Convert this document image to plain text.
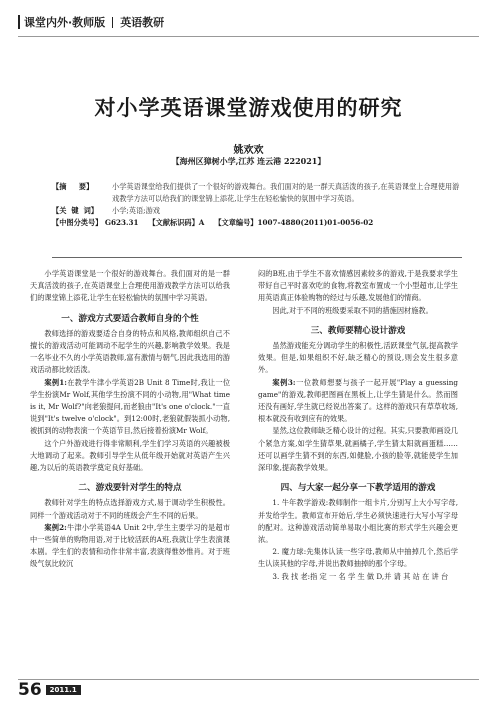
课堂内外·教师版 英语教研
对小学英语课堂游戏使用的研究
姚欢欢
【海州区獐树小学,江苏 连云港 222021】
【摘     要】	小学英语课堂给我们提供了一个很好的游戏舞台。我们面对的是一群天真活泼的孩子,在英语课堂上合理使用游戏教学方法可以给我们的课堂锦上添花,让学生在轻松愉快的氛围中学习英语。
【关  键  词】	小学;英语;游戏
【中图分类号】 G623.31 【文献标识码】A 【文章编号】1007-4880(2011)01-0056-02

小学英语课堂是一个很好的游戏舞台。我们面对的是一群天真活泼的孩子,在英语课堂上合理使用游戏教学方法可以给我们的课堂锦上添花,让学生在轻松愉快的氛围中学习英语。

一、游戏方式要适合教师自身的个性

教师选择的游戏要适合自身的特点和风格,教师组织自己不擅长的游戏活动可能调动不起学生的兴趣,影响教学效果。我是一名毕业不久的小学英语教师,富有激情与朝气,因此我选用的游戏活动都比较活泼。

案例1:在教学牛津小学英语2B Unit 8 Time时,我让一位学生扮演Mr Wolf,其他学生扮演不同的小动物,用"What time is it, Mr Wolf?"向老狼提问,而老狼由"It's one o'clock."一直说到"It's twelve o'clock"。到12:00时,老狼就假装抓小动物,被抓到的动物表演一个英语节目,然后接着扮演Mr Wolf。

这个户外游戏进行得非常顺利,学生们学习英语的兴趣被极大地调动了起来。教师引导学生从低年级开始就对英语产生兴趣,为以后的英语教学奠定良好基础。

二、游戏要针对学生的特点

教师针对学生的特点选择游戏方式,易于调动学生积极性。同样一个游戏活动对于不同的班级会产生不同的后果。

案例2:牛津小学英语4A Unit 2中,学生主要学习的是超市中一些简单的购物用语,对于比较活跃的A班,我就让学生表演课本剧。学生们的表情和动作非常丰富,表演得惟妙惟肖。对于班级气氛比较沉

闷的B班,由于学生不喜欢情感因素较多的游戏,于是我要求学生带好自己平时喜欢吃的食物,将教室布置成一个小型超市,让学生用英语真正体验购物的经过与乐趣,发展他们的情商。

因此,对于不同的班级要采取不同的措施因材施教。

三、教师要精心设计游戏

虽然游戏能充分调动学生的积极性,活跃课堂气氛,提高教学效果。但是,如果组织不好,缺乏精心的预设,则会发生很多意外。

案例3:一位教师想要与孩子一起开展"Play a guessing game"的游戏,教师把图画在黑板上,让学生猜是什么。然而图还没有画好,学生就已经说出答案了。这样的游戏只有草草收场,根本就没有收到应有的效果。

显然,这位教师缺乏精心设计的过程。其实,只要教师画设几个紧急方案,如学生猜草果,就画橘子,学生猜太阳就画蛋糕……还可以画学生猜不到的东西,如健脸,小孩的脸等,就能使学生加深印象,提高教学效果。

四、与大家一起分享一下教学适用的游戏

1. 牛年教学游戏:教师制作一组卡片,分别写上大小写字母,并发给学生。教师宣布开始后,学生必须快速进行大写小写字母的配对。这种游戏活动简单易取小组比赛的形式学生兴趣会更浓。

2. 魔力球:先集体认读一些字母,教师从中抽掉几个,然后学生认读其他的字母,并说出教师抽掉的那个字母。

3. 我 找 老:指 定 一 名 学 生 做 D,并 请 其 站 在 讲 台

56	2011.1
